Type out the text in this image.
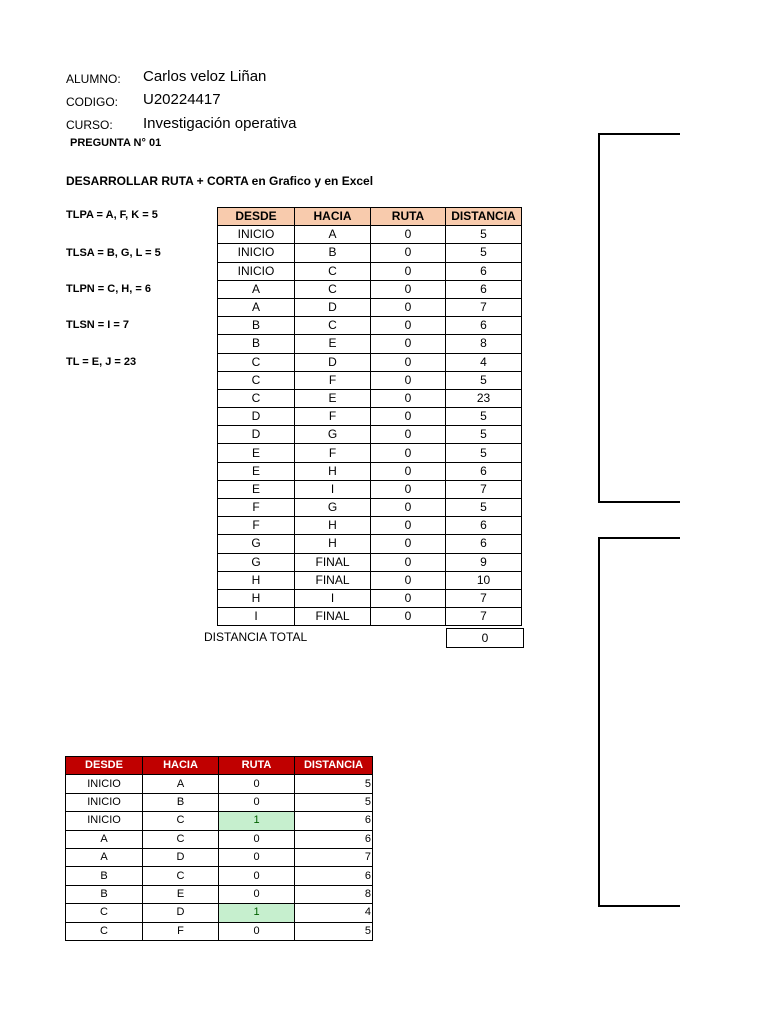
ALUMNO: Carlos veloz Liñan
CODIGO: U20224417
CURSO: Investigación operativa
PREGUNTA N° 01
DESARROLLAR RUTA + CORTA en Grafico y en Excel
TLPA = A, F, K = 5
TLSA = B, G, L = 5
TLPN = C, H, = 6
TLSN = I = 7
TL = E, J = 23
DESDE	HACIA	RUTA	DISTANCIA
INICIO	A	0	5
INICIO	B	0	5
INICIO	C	0	6
A	C	0	6
A	D	0	7
B	C	0	6
B	E	0	8
C	D	0	4
C	F	0	5
C	E	0	23
D	F	0	5
D	G	0	5
E	F	0	5
E	H	0	6
E	I	0	7
F	G	0	5
F	H	0	6
G	H	0	6
G	FINAL	0	9
H	FINAL	0	10
H	I	0	7
I	FINAL	0	7
DISTANCIA TOTAL	0
DESDE	HACIA	RUTA	DISTANCIA
INICIO	A	0	5
INICIO	B	0	5
INICIO	C	1	6
A	C	0	6
A	D	0	7
B	C	0	6
B	E	0	8
C	D	1	4
C	F	0	5
